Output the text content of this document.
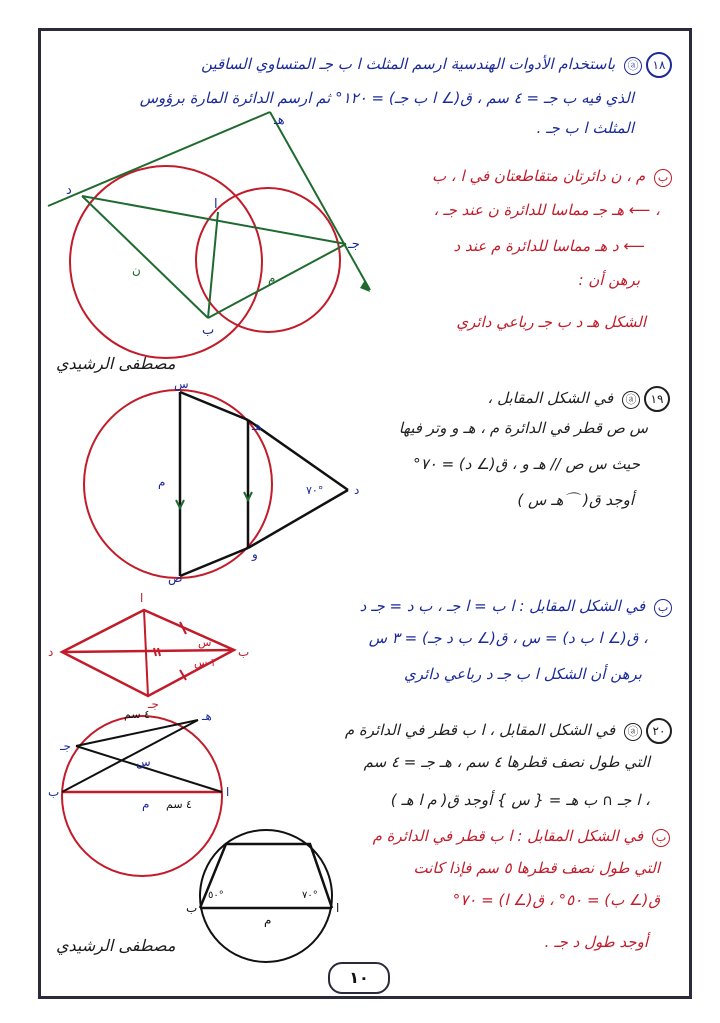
١٨ⓐ باستخدام الأدوات الهندسية ارسم المثلث ا ب جـ المتساوي الساقين
الذي فيه ب جـ = ٤ سم ، ق(∠ ا ب جـ) = ١٢٠° ثم ارسم الدائرة المارة برؤوس
المثلث ا ب جـ .
ب م ، ن دائرتان متقاطعتان في ا ، ب
، ⟵ هـ جـ مماسا للدائرة ن عند جـ ،
⟵ د هـ مماسا للدائرة م عند د
برهن أن :
الشكل هـ د ب جـ رباعي دائري
د
ا
ب
جـ
هـ
م
ن
مصطفى الرشيدي
١٩ⓐ في الشكل المقابل ،
س ص قطر في الدائرة م ، هـ و وتر فيها
حيث س ص // هـ و ، ق(∠ د) = ٧٠°
أوجد ق( ⌒هـ س )
س
ص
هـ
و
م
د
٧٠°
ب في الشكل المقابل : ا ب = ا جـ ، ب د = جـ د
، ق(∠ ا ب د) = س ، ق(∠ ب د جـ) = ٣ س
برهن أن الشكل ا ب جـ د رباعي دائري
ا
ب
جـ
د
س
٣ س
٢٠ⓐ في الشكل المقابل ، ا ب قطر في الدائرة م
التي طول نصف قطرها ٤ سم ، هـ جـ = ٤ سم
، ا جـ ∩ ب هـ = { س } أوجد ق( م ا هـ )
جـ
هـ
ب	ا
س
م
٤ سم
٤ سم
ب في الشكل المقابل : ا ب قطر في الدائرة م
التي طول نصف قطرها ٥ سم فإذا كانت
ق(∠ ب) = ٥٠° ، ق(∠ ا) = ٧٠°
أوجد طول د جـ .
ب	ا
م
٥٠°	٧٠°
مصطفى الرشيدي
١٠
